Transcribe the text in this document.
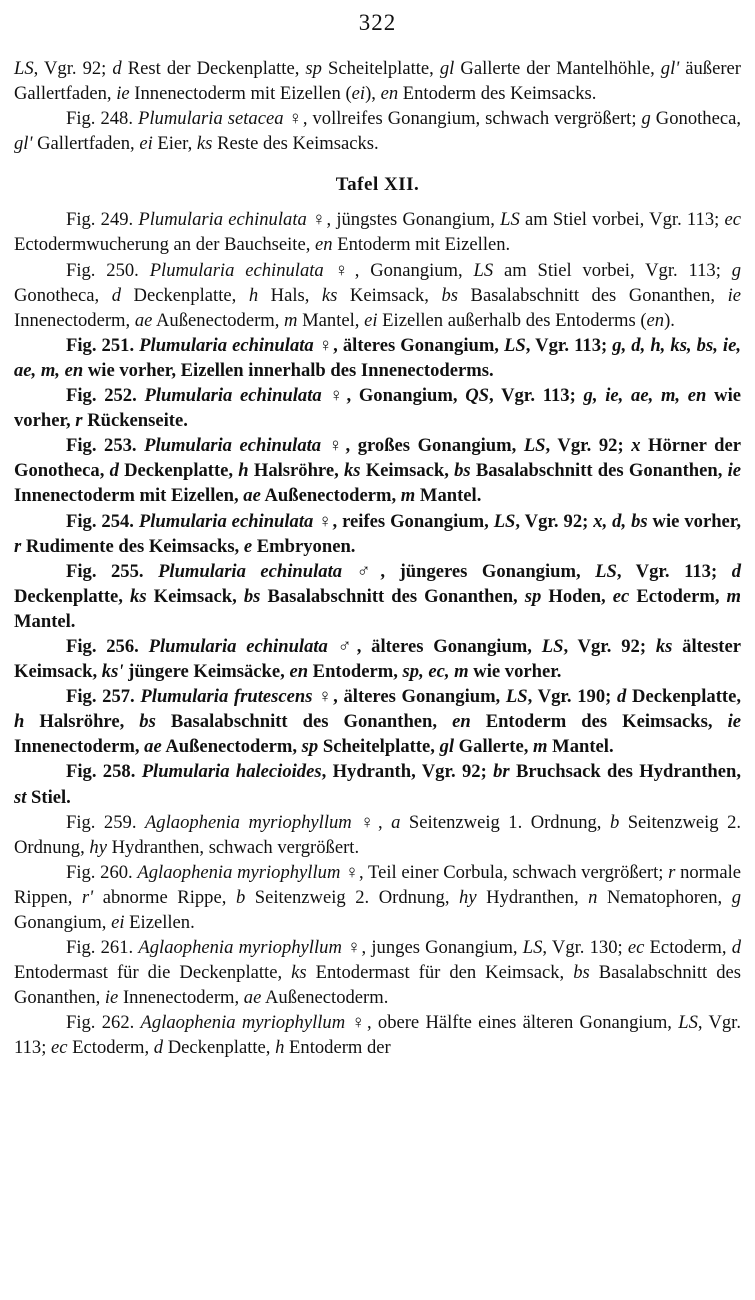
322

LS, Vgr. 92; d Rest der Deckenplatte, sp Scheitelplatte, gl Gallerte der Mantelhöhle, gl' äußerer Gallertfaden, ie Innenectoderm mit Eizellen (ei), en Entoderm des Keimsacks.

Fig. 248. Plumularia setacea ♀, vollreifes Gonangium, schwach vergrößert; g Gonotheca, gl' Gallertfaden, ei Eier, ks Reste des Keimsacks.

Tafel XII.

Fig. 249. Plumularia echinulata ♀, jüngstes Gonangium, LS am Stiel vorbei, Vgr. 113; ec Ectodermwucherung an der Bauchseite, en Entoderm mit Eizellen.

Fig. 250. Plumularia echinulata ♀, Gonangium, LS am Stiel vorbei, Vgr. 113; g Gonotheca, d Deckenplatte, h Hals, ks Keimsack, bs Basalabschnitt des Gonanthen, ie Innenectoderm, ae Außenectoderm, m Mantel, ei Eizellen außerhalb des Entoderms (en).

Fig. 251. Plumularia echinulata ♀, älteres Gonangium, LS, Vgr. 113; g, d, h, ks, bs, ie, ae, m, en wie vorher, Eizellen innerhalb des Innenectoderms.

Fig. 252. Plumularia echinulata ♀, Gonangium, QS, Vgr. 113; g, ie, ae, m, en wie vorher, r Rückenseite.

Fig. 253. Plumularia echinulata ♀, großes Gonangium, LS, Vgr. 92; x Hörner der Gonotheca, d Deckenplatte, h Halsröhre, ks Keimsack, bs Basalabschnitt des Gonanthen, ie Innenectoderm mit Eizellen, ae Außenectoderm, m Mantel.

Fig. 254. Plumularia echinulata ♀, reifes Gonangium, LS, Vgr. 92; x, d, bs wie vorher, r Rudimente des Keimsacks, e Embryonen.

Fig. 255. Plumularia echinulata ♂, jüngeres Gonangium, LS, Vgr. 113; d Deckenplatte, ks Keimsack, bs Basalabschnitt des Gonanthen, sp Hoden, ec Ectoderm, m Mantel.

Fig. 256. Plumularia echinulata ♂, älteres Gonangium, LS, Vgr. 92; ks ältester Keimsack, ks' jüngere Keimsäcke, en Entoderm, sp, ec, m wie vorher.

Fig. 257. Plumularia frutescens ♀, älteres Gonangium, LS, Vgr. 190; d Deckenplatte, h Halsröhre, bs Basalabschnitt des Gonanthen, en Entoderm des Keimsacks, ie Innenectoderm, ae Außenectoderm, sp Scheitelplatte, gl Gallerte, m Mantel.

Fig. 258. Plumularia halecioides, Hydranth, Vgr. 92; br Bruchsack des Hydranthen, st Stiel.

Fig. 259. Aglaophenia myriophyllum ♀, a Seitenzweig 1. Ordnung, b Seitenzweig 2. Ordnung, hy Hydranthen, schwach vergrößert.

Fig. 260. Aglaophenia myriophyllum ♀, Teil einer Corbula, schwach vergrößert; r normale Rippen, r' abnorme Rippe, b Seitenzweig 2. Ordnung, hy Hydranthen, n Nematophoren, g Gonangium, ei Eizellen.

Fig. 261. Aglaophenia myriophyllum ♀, junges Gonangium, LS, Vgr. 130; ec Ectoderm, d Entodermast für die Deckenplatte, ks Entodermast für den Keimsack, bs Basalabschnitt des Gonanthen, ie Innenectoderm, ae Außenectoderm.

Fig. 262. Aglaophenia myriophyllum ♀, obere Hälfte eines älteren Gonangium, LS, Vgr. 113; ec Ectoderm, d Deckenplatte, h Entoderm der
